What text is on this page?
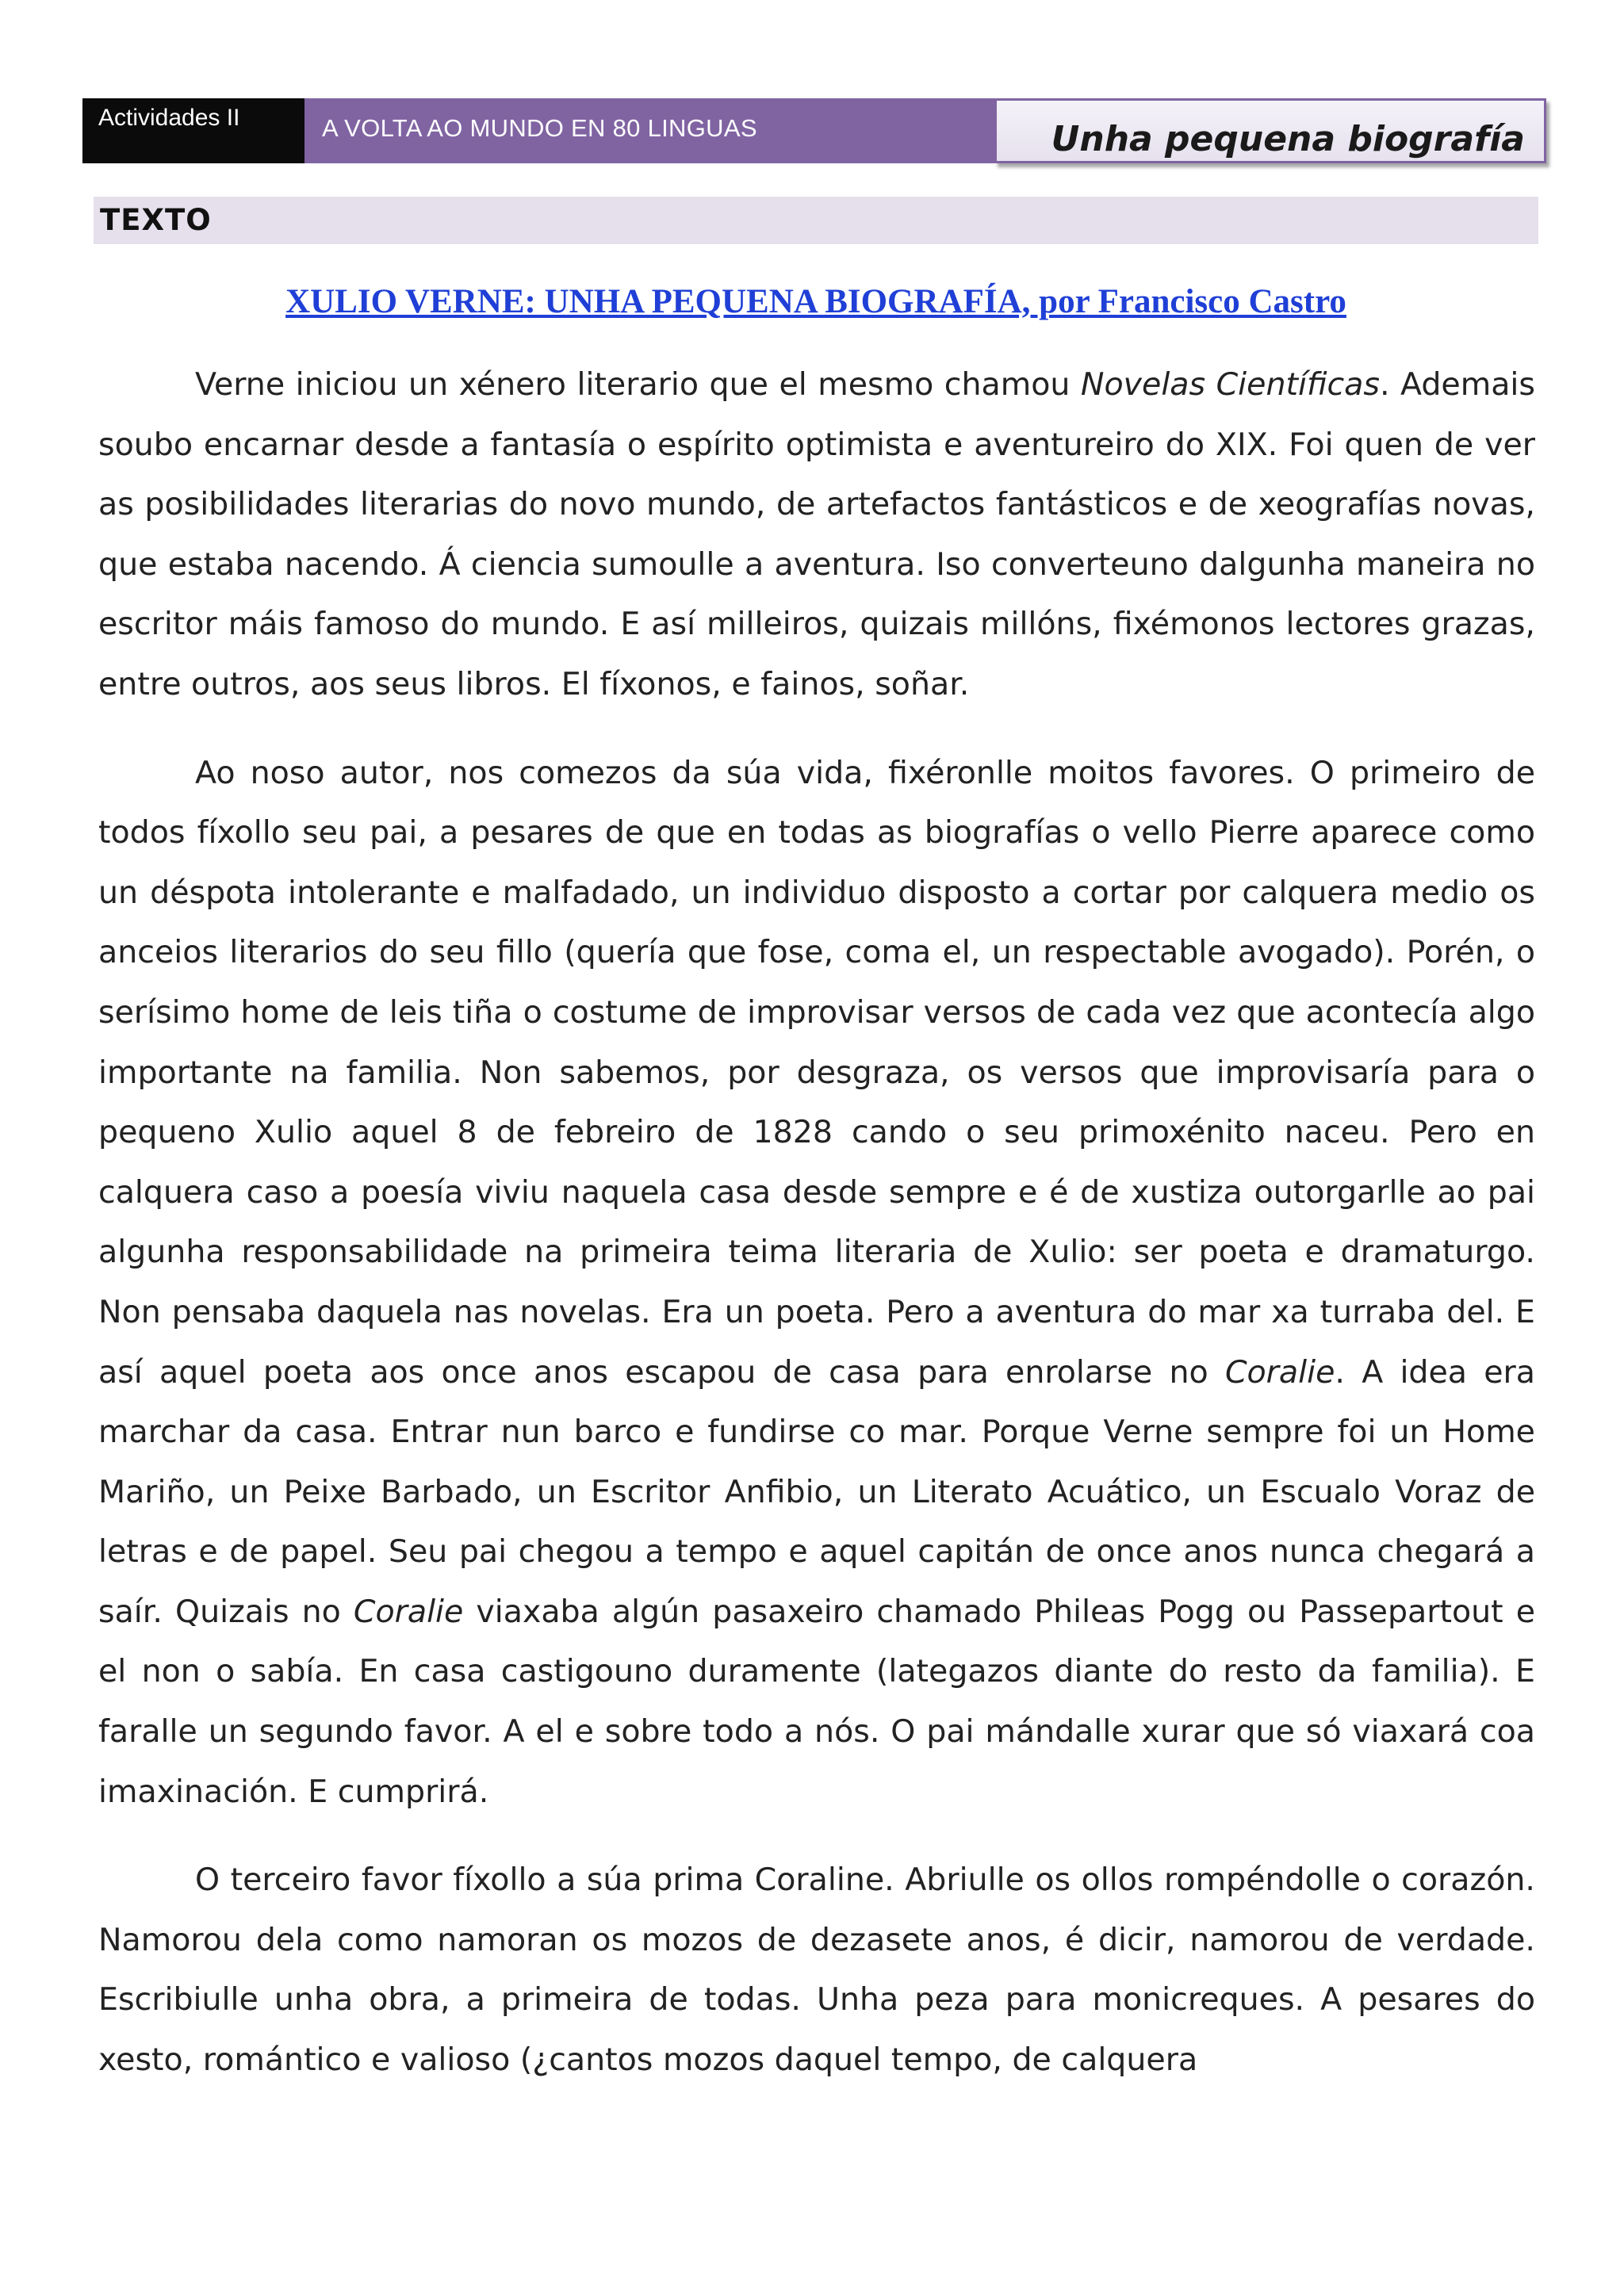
Actividades II	A VOLTA AO MUNDO EN 80 LINGUAS	Unha pequena biografía
TEXTO
XULIO VERNE: UNHA PEQUENA BIOGRAFÍA, por Francisco Castro

Verne iniciou un xénero literario que el mesmo chamou Novelas Científicas. Ademais soubo encarnar desde a fantasía o espírito optimista e aventureiro do XIX. Foi quen de ver as posibilidades literarias do novo mundo, de artefactos fantásticos e de xeografías novas, que estaba nacendo. Á ciencia sumoulle a aventura. Iso converteuno dalgunha maneira no escritor máis famoso do mundo. E así milleiros, quizais millóns, fixémonos lectores grazas, entre outros, aos seus libros. El fíxonos, e fainos, soñar.

Ao noso autor, nos comezos da súa vida, fixéronlle moitos favores. O primeiro de todos fíxollo seu pai, a pesares de que en todas as biografías o vello Pierre aparece como un déspota intolerante e malfadado, un individuo disposto a cortar por calquera medio os anceios literarios do seu fillo (quería que fose, coma el, un respectable avogado). Porén, o serísimo home de leis tiña o costume de improvisar versos de cada vez que acontecía algo importante na familia. Non sabemos, por desgraza, os versos que improvisaría para o pequeno Xulio aquel 8 de febreiro de 1828 cando o seu primoxénito naceu. Pero en calquera caso a poesía viviu naquela casa desde sempre e é de xustiza outorgarlle ao pai algunha responsabilidade na primeira teima literaria de Xulio: ser poeta e dramaturgo. Non pensaba daquela nas novelas. Era un poeta. Pero a aventura do mar xa turraba del. E así aquel poeta aos once anos escapou de casa para enrolarse no Coralie. A idea era marchar da casa. Entrar nun barco e fundirse co mar. Porque Verne sempre foi un Home Mariño, un Peixe Barbado, un Escritor Anfibio, un Literato Acuático, un Escualo Voraz de letras e de papel. Seu pai chegou a tempo e aquel capitán de once anos nunca chegará a saír. Quizais no Coralie viaxaba algún pasaxeiro chamado Phileas Pogg ou Passepartout e el non o sabía. En casa castigouno duramente (lategazos diante do resto da familia). E faralle un segundo favor. A el e sobre todo a nós. O pai mándalle xurar que só viaxará coa imaxinación. E cumprirá.

O terceiro favor fíxollo a súa prima Coraline. Abriulle os ollos rompéndolle o corazón. Namorou dela como namoran os mozos de dezasete anos, é dicir, namorou de verdade. Escribiulle unha obra, a primeira de todas. Unha peza para monicreques. A pesares do xesto, romántico e valioso (¿cantos mozos daquel tempo, de calquera
